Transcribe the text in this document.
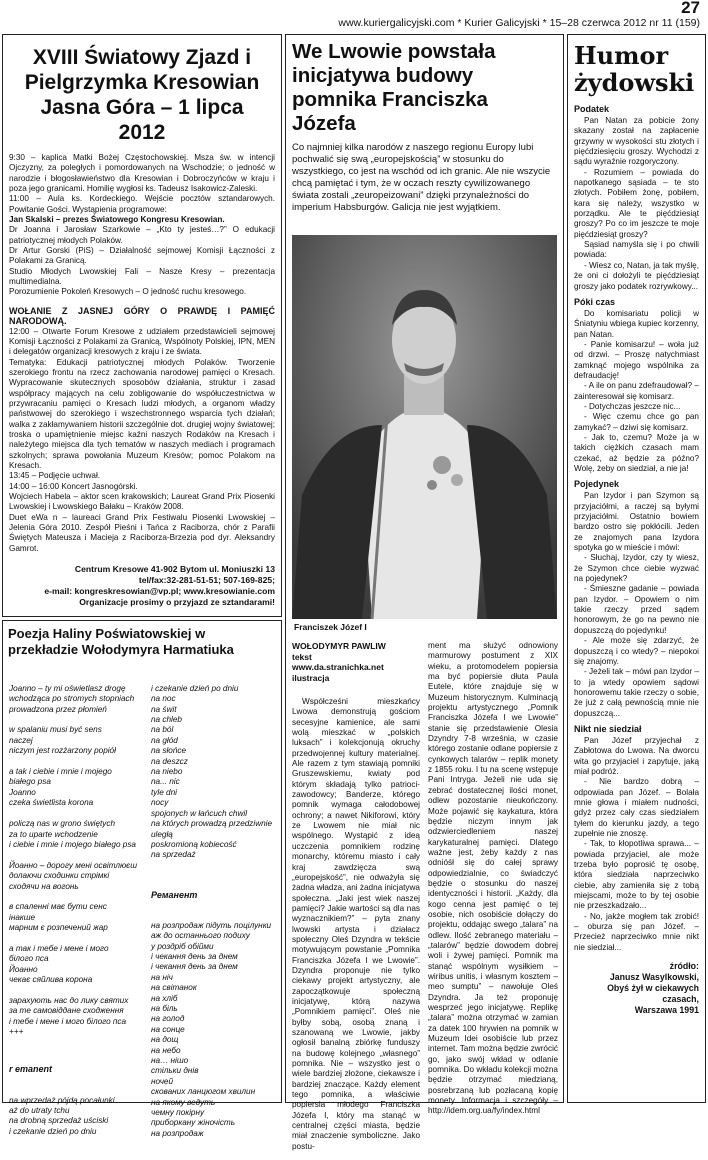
27
www.kuriergalicyjski.com * Kurier Galicyjski * 15–28 czerwca 2012 nr 11 (159)
XVIII Światowy Zjazd i Pielgrzymka Kresowian Jasna Góra – 1 lipca 2012

9:30 – kaplica Matki Bożej Częstochowskiej. Msza św. w intencji Ojczyzny, za poległych i pomordowanych na Wschodzie; o jedność w narodzie i błogosławieństwo dla Kresowian i Dobroczyńców w kraju i poza jego granicami. Homilię wygłosi ks. Tadeusz Isakowicz-Zaleski.

11:00 – Aula ks. Kordeckiego. Wejście pocztów sztandarowych. Powitanie Gości. Wystąpienia programowe:

Jan Skalski – prezes Światowego Kongresu Kresowian.

Dr Joanna i Jarosław Szarkowie – „Kto ty jesteś…?” O edukacji patriotycznej młodych Polaków.

Dr Artur Gorski (PiS) – Działalność sejmowej Komisji Łączności z Polakami za Granicą.

Studio Młodych Lwowskiej Fali – Nasze Kresy – prezentacja multimedialna.

Porozumienie Pokoleń Kresowych – O jedność ruchu kresowego.

WOŁANIE Z JASNEJ GÓRY O PRAWDĘ I PAMIĘĆ NARODOWĄ.

12:00 – Otwarte Forum Kresowe z udziałem przedstawicieli sejmowej Komisji Łączności z Polakami za Granicą, Wspólnoty Polskiej, IPN, MEN i delegatów organizacji kresowych z kraju i ze świata.

Tematyka: Edukacji patriotycznej młodych Polaków. Tworzenie szerokiego frontu na rzecz zachowania narodowej pamięci o Kresach. Wypracowanie skutecznych sposobów działania, struktur i zasad współpracy mających na celu zobligowanie do współuczestnictwa w przywracaniu pamięci o Kresach ludzi młodych, a organom władzy państwowej do szerokiego i wszechstronnego wsparcia tych działań; walka z zakłamywaniem historii szczególnie dot. drugiej wojny światowej; troska o upamiętnienie miejsc kaźni naszych Rodaków na Kresach i należytego miejsca dla tych tematów w naszych mediach i programach szkolnych; sprawa powołania Muzeum Kresów; pomoc Polakom na Kresach.

13:45 – Podjęcie uchwał.

14:00 – 16:00 Koncert Jasnogórski.

Wojciech Habela – aktor scen krakowskich; Laureat Grand Prix Piosenki Lwowskiej i Lwowskiego Bałaku – Kraków 2008.

Duet eWa n – laureaci Grand Prix Festiwalu Piosenki Lwowskiej – Jelenia Góra 2010. Zespół Pieśni i Tańca z Raciborza, chór z Parafii Świętych Mateusza i Macieja z Raciborza-Brzezia pod dyr. Aleksandry Gamrot.

Centrum Kresowe 41-902 Bytom ul. Moniuszki 13
tel/fax:32-281-51-51; 507-169-825;
e-mail: kongreskresowian@vp.pl; www.kresowianie.com
Organizacje prosimy o przyjazd ze sztandarami!
Poezja Haliny Poświatowskiej w przekładzie Wołodymyra Harmatiuka

Joanno – ty mi oświetlasz drogę
wchodząca po stromych stopniach
prowadzona przez płomień

w spalaniu musi być sens
naczej
niczym jest rozżarzony popiół

a tak i ciebie i mnie i mojego
białego psa
Joanno
czeka świetlista korona

policzą nas w grono świętych
za to uparte wchodzenie
i ciebie i mnie i mojego białego psa

Йоанно – дорогу мені освітлюєш
долаючи сходинки стрімкі
сходячи на вогонь

в спаленні має бути сенс
інакше
марним є розпечений жар

а так і тебе і мене і мого
білого пса
Йоанно
чекає сяйлива корона

зарахують нас до лику святих
за те самовіддане сходження
і тебе і мене і мого білого пса
+++

r emanent

na wprzedaż pójdą pocałunki
aż do utraty tchu
na drobną sprzedaż uściski
i czekanie dzień po dniu

i czekanie dzień po dniu
na noc
na świt
na chleb
na ból
na głód
na słońce
na deszcz
na niebo
na... nic
tyle dni
nocy
spojonych w łańcuch chwil
na których prowadzą przedziwnie
uległą
poskromioną kobiecość
na sprzedaż

Ремaнeнт

на розпродаж підуть поцілунки
аж до остaннього подиху
у роздріб обійми
і чекання день за днем
і чекання день за днем
на ніч
на світанок
на хліб
на біль
на голод
на сонце
на дощ
на небо
на… нішо
стільки днів
ночей
скованих ланцюгом хвилин
на якому ведуть
чемну покірну
приборкану жіночість
на розпродаж

We Lwowie powstała inicjatywa budowy pomnika Franciszka Józefa
Co najmniej kilka narodów z naszego regionu Europy lubi pochwalić się swą „europejskością” w stosunku do wszystkiego, co jest na wschód od ich granic. Ale nie wszycie chcą pamiętać i tym, że w oczach reszty cywilizowanego świata zostali „zeuropeizowani” dzięki przynależności do imperium Habsburgów. Galicja nie jest wyjątkiem.
Franciszek Józef I
WOŁODYMYR PAWLIW
tekst
www.da.stranichka.net
ilustracja
Współcześni mieszkańcy Lwowa demonstrują gościom secesyjne kamienice, ale sami wolą mieszkać w „polskich luksach” i kolekcjonują okruchy przedwojennej kultury materialnej. Ale razem z tym stawiają pomniki Gruszewskiemu, kwiaty pod którym składają tylko patrioci-zawodowcy; Banderze, którego pomnik wymaga całodobowej ochrony; a nawet Nikiforowi, który ze Lwowem nie miał nic wspólnego. Wystąpić z ideą uczczenia pomnikiem rodzinę monarchy, któremu miasto i cały kraj zawdzięcza swą „europejskość”, nie odważyła się żadna władza, ani żadna inicjatywa społeczna. „Jaki jest wiek naszej pamięci? Jakie wartości są dla nas wyznacznikiem?” – pyta znany lwowski artysta i działacz społeczny Oleś Dzyndra w tekście motywującym powstanie „Pomnika Franciszka Józefa I we Lwowie”. Dzyndra proponuje nie tylko ciekawy projekt artystyczny, ale zapoczątkowuje społeczną inicjatywę, którą nazywa „Pomnikiem pamięci”. Oleś nie byłby sobą, osobą znaną i szanowaną we Lwowie, jakby ogłosił banalną zbiórkę funduszy na budowę kolejnego „własnego” pomnika. Nie – wszystko jest o wiele bardziej złożone, ciekawsze i bardziej znaczące. Każdy element tego pomnika, a właściwie popiersia młodego Franciszka Józefa I, który ma stanąć w centralnej części miasta, będzie miał znaczenie symboliczne. Jako postu-
ment ma służyć odnowiony marmurowy postument z XIX wieku, a protomodelem popiersia ma być popiersie dłuta Paula Eutele, które znajduje się w Muzeum historycznym. Kulminacją projektu artystycznego „Pomnik Franciszka Józefa I we Lwowie” stanie się przedstawienie Olesia Dzyndry 7-8 września, w czasie którego zostanie odlane popiersie z cynkowych talarów – replik monety z 1855 roku. I tu na scenę wstępuje Pani Intryga. Jeżeli nie uda się zebrać dostatecznej ilości monet, odlew pozostanie nieukończony. Może pojawić się kaykatura, która będzie niczym innym jak odzwierciedleniem naszej karykaturalnej pamięci. Dlatego ważne jest, żeby każdy z nas odnióśł się do całej sprawy odpowiedzialnie, co świadczyć będzie o stosunku do naszej identyczności i historii. „Każdy, dla kogo cenna jest pamięć o tej osobie, nich osobiście dołączy do projektu, oddając swego „talara” na odlew. Ilość zebranego materiału – „talarów” będzie dowodem dobrej woli i żywej pamięci. Pomnik ma stanąć wspólnym wysiłkiem – wiribus unitis, i własnym kosztem – meo sumptu” – nawołuje Oleś Dzyndra. Ja też proponuję wesprzeć jego inicjatywę. Replikę „talara” można otrzymać w zamian za datek 100 hrywien na pomnik w Muzeum Idei osobiście lub przez internet. Tam można będzie zwrócić go, jako swój wkład w odlanie pomnika. Do wkładu kolekcji można będzie otrzymać miedzianą, posrebrzaną lub pozłacaną kopię monety. Informacja i szczegóły – http://idem.org.ua/fy/index.html
Humor żydowski
Podatek

Pan Natan za pobicie żony skazany został na zapłacenie grzywny w wysokości stu złotych i pięćdziesięciu groszy. Wychodzi z sądu wyraźnie rozgoryczony.

- Rozumiem – powiada do napotkanego sąsiada – te sto złotych. Pobiłem żonę, pobiłem, kara się należy, wszystko w porządku. Ale te pięćdziesiąt groszy? Po co im jeszcze te moje pięćdziesiąt groszy?

Sąsiad namyśla się i po chwili powiada:

- Wiesz co, Natan, ja tak myślę, że oni ci dołożyli te pięćdziesiąt groszy jako podatek rozrywkowy...

Póki czas

Do komisariatu policji w Śniatyniu wbiega kupiec korzenny, pan Natan.

- Panie komisarzu! – woła już od drzwi. – Proszę natychmiast zamknąć mojego wspólnika za defraudację!

- A ile on panu zdefraudował? – zainteresował się komisarz.

- Dotychczas jeszcze nic...

- Więc czemu chce go pan zamykać? – dziwi się komisarz.

- Jak to, czemu? Może ja w takich ciężkich czasach mam czekać, aż będzie za późno? Wolę, żeby on siedział, a nie ja!

Pojedynek

Pan Izydor i pan Szymon są przyjaciółmi, a raczej są byłymi przyjaciółmi. Ostatnio bowiem bardzo ostro się pokłócili. Jeden ze znajomych pana Izydora spotyka go w mieście i mówi:

- Słuchaj, Izydor, czy ty wiesz, że Szymon chce ciebie wyzwać na pojedynek?

- Śmieszne gadanie – powiada pan Izydor. – Opowiem o nim takie rzeczy przed sądem honorowym, że go na pewno nie dopuszczą do pojedynku!

- Ale może się zdarzyć, że dopuszczą i co wtedy? – niepokoi się znajomy.

- Jeżeli tak – mówi pan Izydor – to ja wtedy opowiem sądowi honorowemu takie rzeczy o sobie, że już z całą pewnością mnie nie dopuszczą...

Nikt nie siedział

Pan Józef przyjechał z Zabłotowa do Lwowa. Na dworcu wita go przyjaciel i zapytuje, jaką miał podróż.

- Nie bardzo dobrą – odpowiada pan Józef. – Bolała mnie głowa i miałem nudności, gdyż przez cały czas siedziałem tyłem do kierunku jazdy, a tego zupełnie nie znoszę.

- Tak, to kłopotliwa sprawa... – powiada przyjaciel, ale może trzeba było poprosić tę osobę, która siedziała naprzeciwko ciebie, aby zamieniła się z tobą miejscami, może to by tej osobie nie przeszkadzało...

- No, jakże mogłem tak zrobić! – oburza się pan Józef. – Przecież naprzeciwko mnie nikt nie siedział...

źródło:
Janusz Wasylkowski,
Obyś żył w ciekawych czasach,
Warszawa 1991
